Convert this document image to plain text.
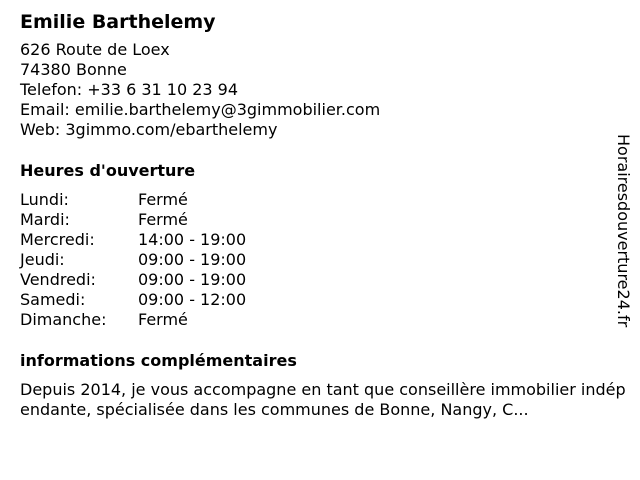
Emilie Barthelemy
626 Route de Loex
74380 Bonne
Telefon: +33 6 31 10 23 94
Email: emilie.barthelemy@3gimmobilier.com
Web: 3gimmo.com/ebarthelemy
Heures d'ouverture
Lundi:	Fermé
Mardi:	Fermé
Mercredi:	14:00 - 19:00
Jeudi:	09:00 - 19:00
Vendredi:	09:00 - 19:00
Samedi:	09:00 - 12:00
Dimanche:	Fermé
informations complémentaires
Depuis 2014, je vous accompagne en tant que conseillère immobilier indépendante, spécialisée dans les communes de Bonne, Nangy, C...
Horairesdouverture24.fr
